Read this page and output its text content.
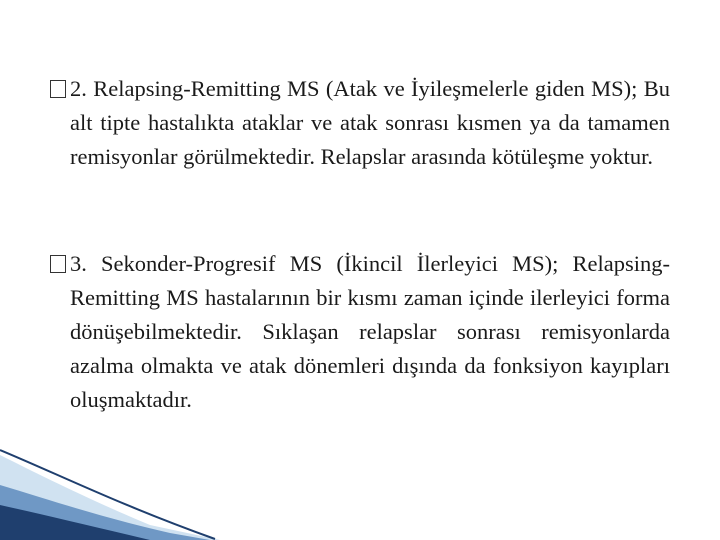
2. Relapsing-Remitting MS (Atak ve İyileşmelerle giden MS); Bu alt tipte hastalıkta ataklar ve atak sonrası kısmen ya da tamamen remisyonlar görülmektedir. Relapslar arasında kötüleşme yoktur.
3. Sekonder-Progresif MS (İkincil İlerleyici MS); Relapsing-Remitting MS hastalarının bir kısmı zaman içinde ilerleyici forma dönüşebilmektedir. Sıklaşan relapslar sonrası remisyonlarda azalma olmakta ve atak dönemleri dışında da fonksiyon kayıpları oluşmaktadır.
